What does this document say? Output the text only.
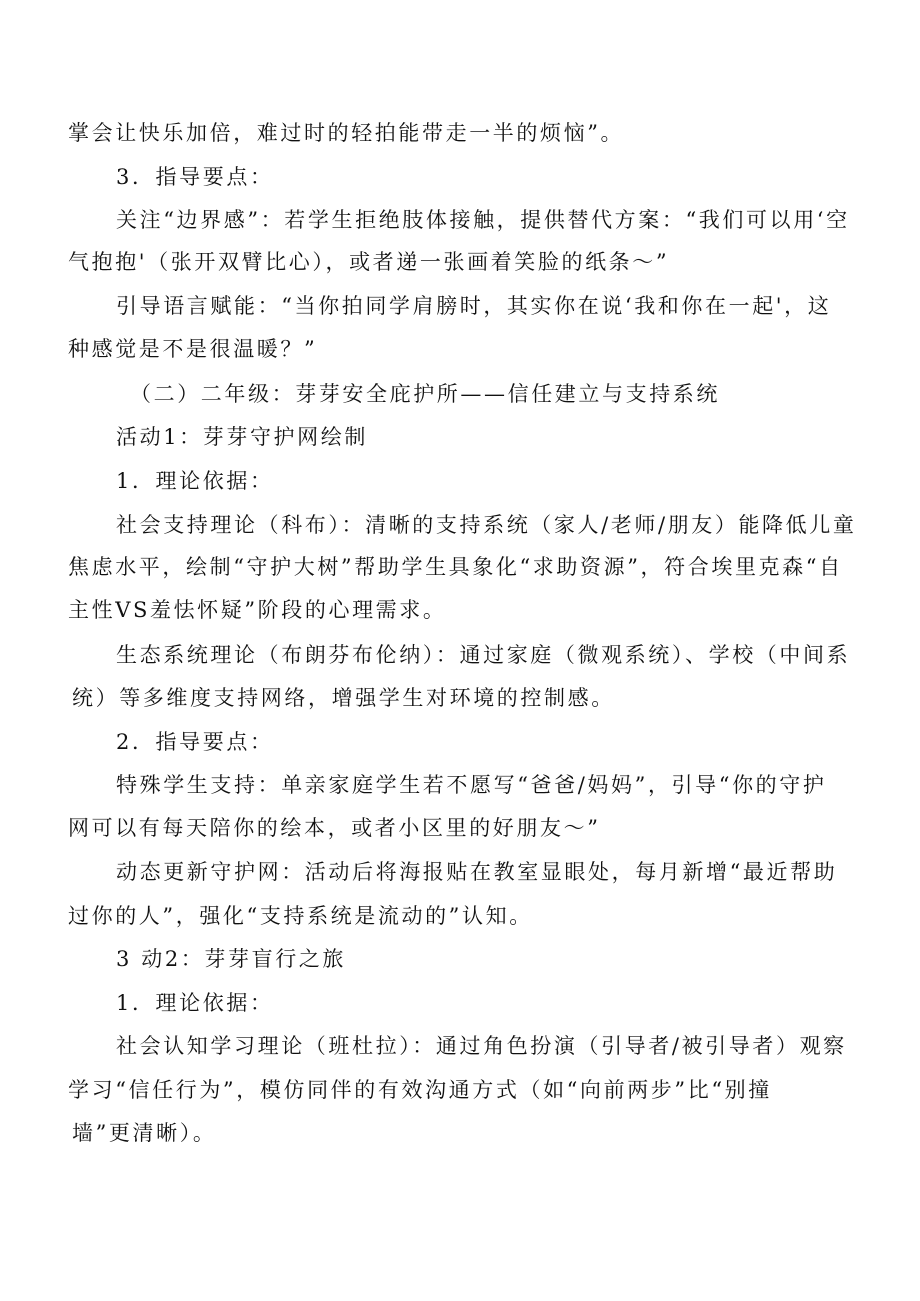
掌会让快乐加倍，难过时的轻拍能带走一半的烦恼”。

3．指导要点：

关注“边界感”：若学生拒绝肢体接触，提供替代方案：“我们可以用‘空

气抱抱'（张开双臂比心），或者递一张画着笑脸的纸条～”

引导语言赋能：“当你拍同学肩膀时，其实你在说‘我和你在一起'，这

种感觉是不是很温暖？”

（二）二年级：芽芽安全庇护所——信任建立与支持系统

活动1：芽芽守护网绘制

1．理论依据：

社会支持理论（科布）：清晰的支持系统（家人/老师/朋友）能降低儿童

焦虑水平，绘制“守护大树”帮助学生具象化“求助资源”，符合埃里克森“自

主性VS羞怯怀疑”阶段的心理需求。

生态系统理论（布朗芬布伦纳）：通过家庭（微观系统）、学校（中间系

统）等多维度支持网络，增强学生对环境的控制感。

2．指导要点：

特殊学生支持：单亲家庭学生若不愿写“爸爸/妈妈”，引导“你的守护

网可以有每天陪你的绘本，或者小区里的好朋友～”

动态更新守护网：活动后将海报贴在教室显眼处，每月新增“最近帮助

过你的人”，强化“支持系统是流动的”认知。

3 动2：芽芽盲行之旅

1．理论依据：

社会认知学习理论（班杜拉）：通过角色扮演（引导者/被引导者）观察

学习“信任行为”，模仿同伴的有效沟通方式（如“向前两步”比“别撞

墙”更清晰）。
